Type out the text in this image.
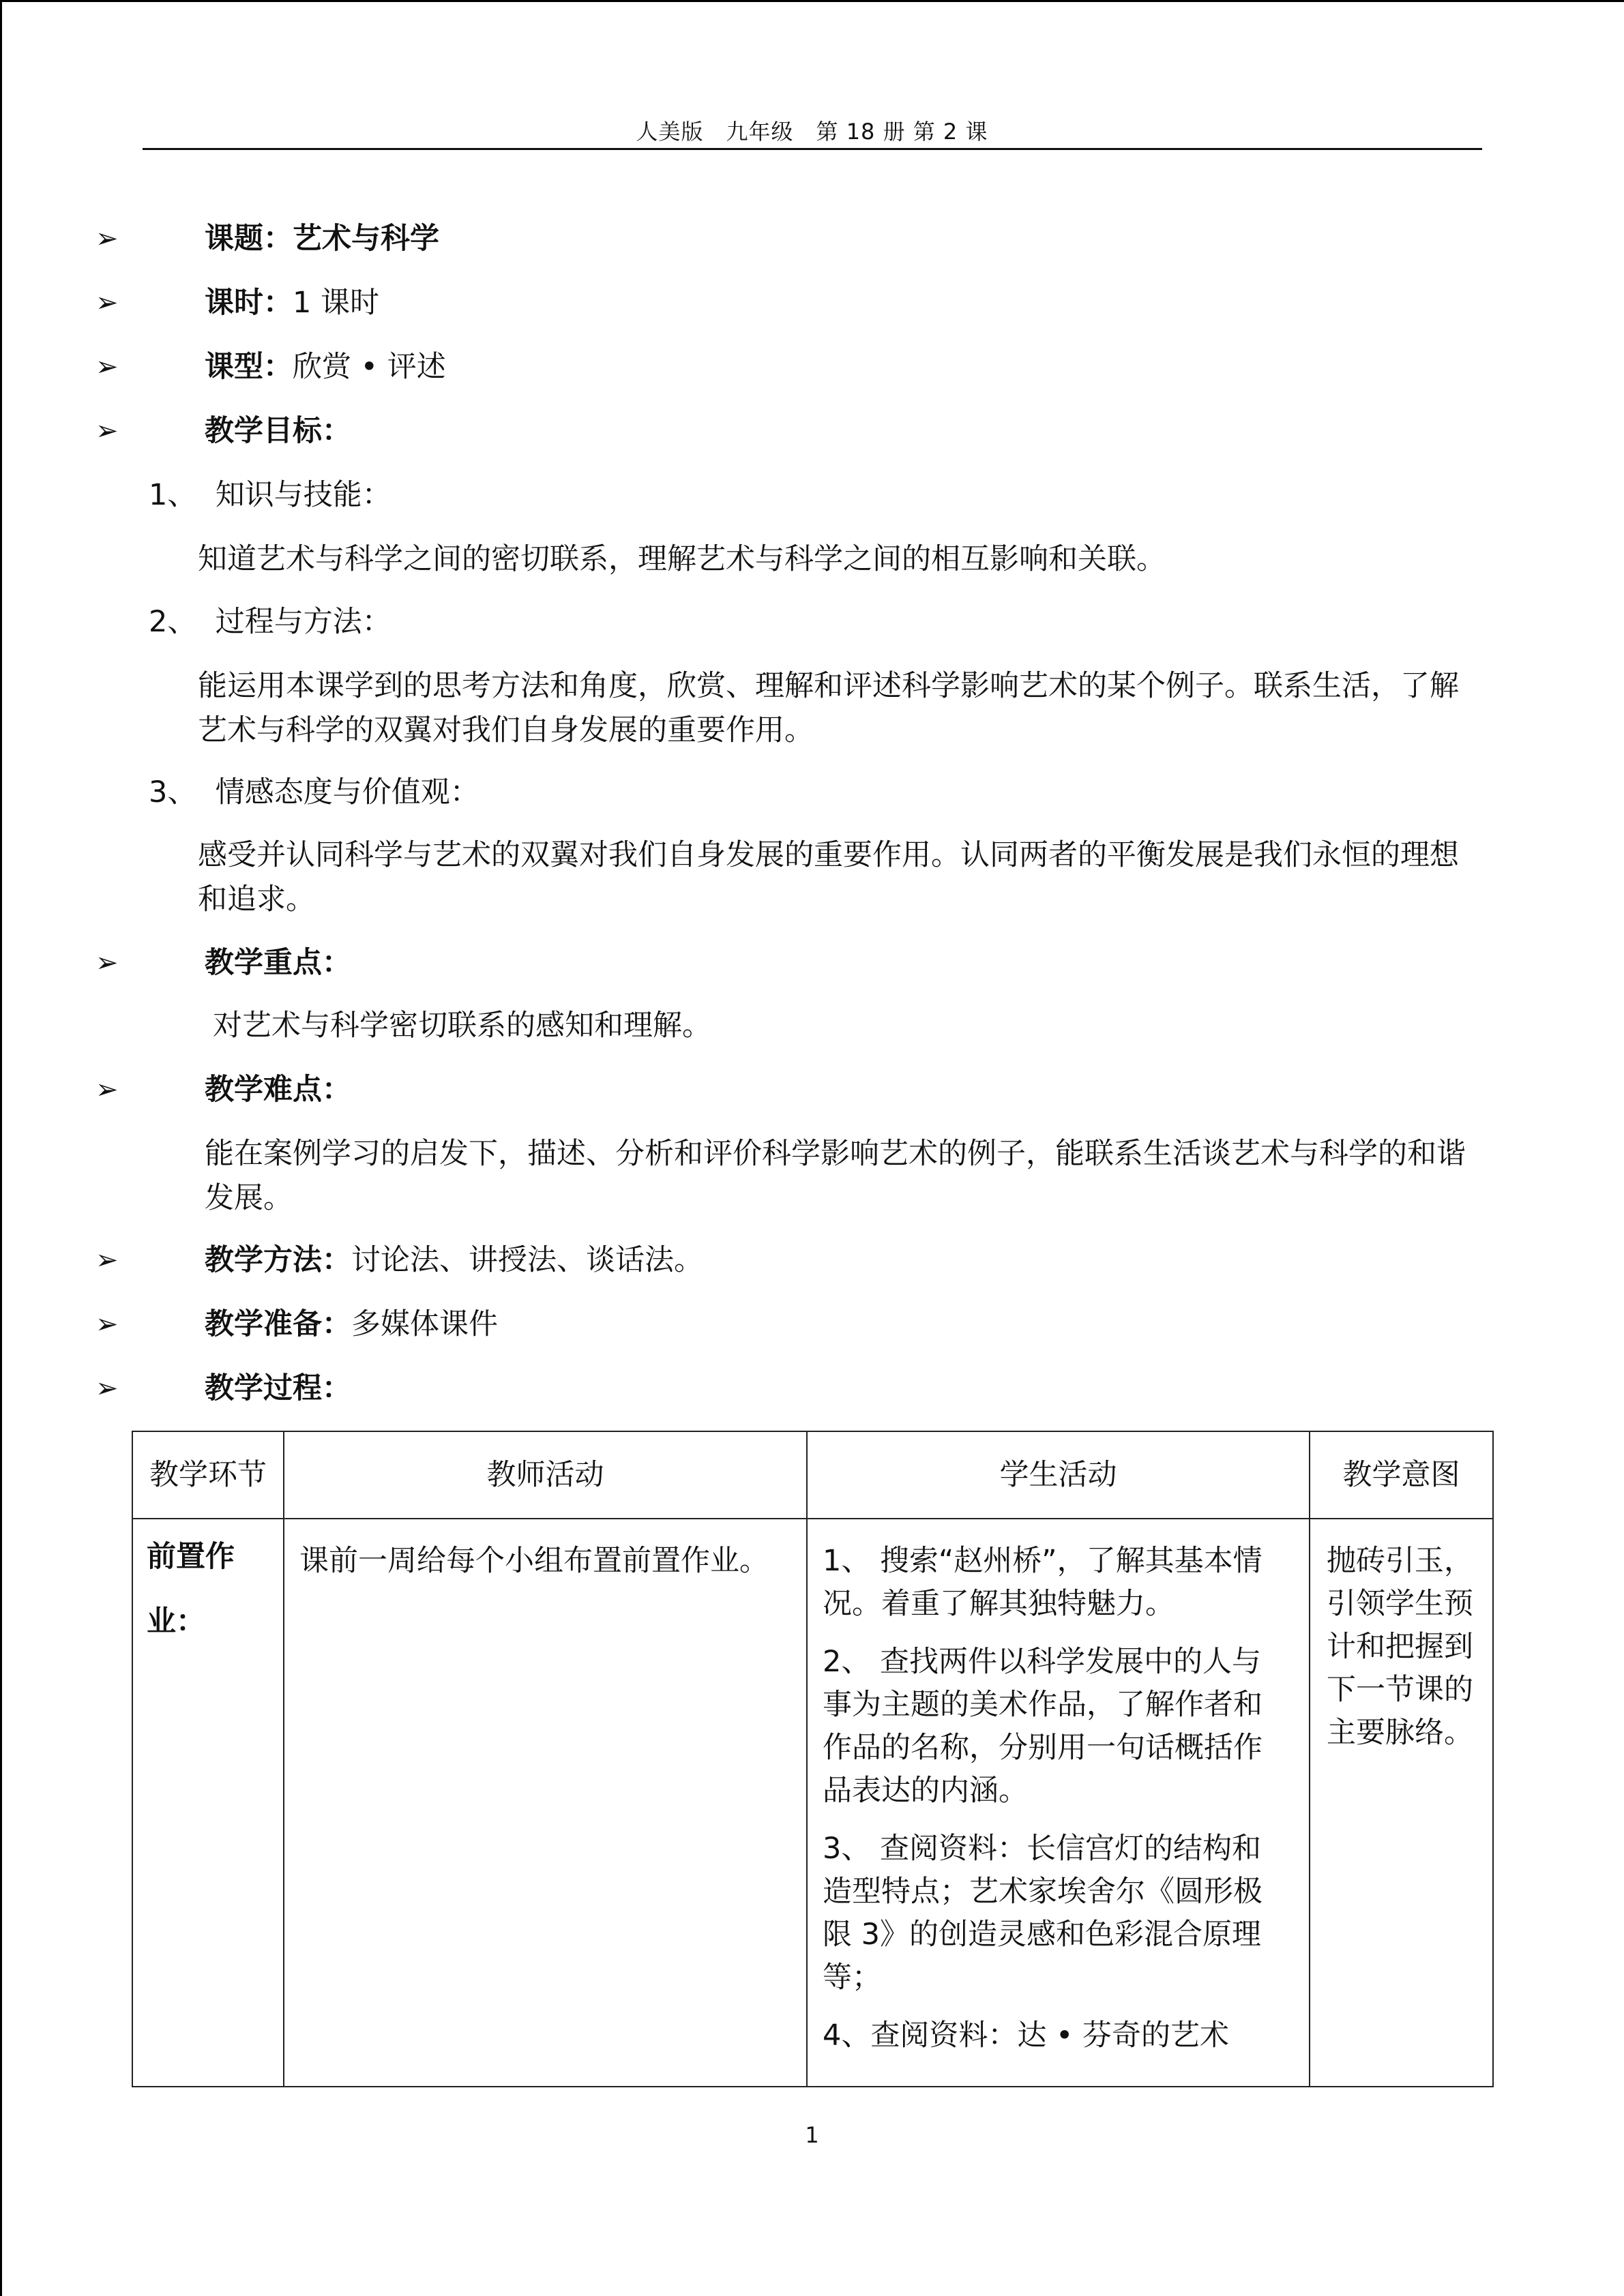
人美版　九年级　第 18 册 第 2 课
➢	课题：艺术与科学
➢	课时：1 课时
➢	课型：欣赏 • 评述
➢	教学目标：
1、 知识与技能：
知道艺术与科学之间的密切联系，理解艺术与科学之间的相互影响和关联。
2、 过程与方法：
能运用本课学到的思考方法和角度，欣赏、理解和评述科学影响艺术的某个例子。联系生活，了解艺术与科学的双翼对我们自身发展的重要作用。
3、 情感态度与价值观：
感受并认同科学与艺术的双翼对我们自身发展的重要作用。认同两者的平衡发展是我们永恒的理想和追求。
➢	教学重点：
对艺术与科学密切联系的感知和理解。
➢	教学难点：
能在案例学习的启发下，描述、分析和评价科学影响艺术的例子，能联系生活谈艺术与科学的和谐发展。
➢	教学方法：讨论法、讲授法、谈话法。
➢	教学准备：多媒体课件
➢	教学过程：
教学环节	教师活动	学生活动	教学意图

前置作业：	课前一周给每个小组布置前置作业。	1、 搜索“赵州桥”，了解其基本情况。着重了解其独特魅力。
2、 查找两件以科学发展中的人与事为主题的美术作品，了解作者和作品的名称，分别用一句话概括作品表达的内涵。
3、 查阅资料：长信宫灯的结构和造型特点；艺术家埃舍尔《圆形极限 3》的创造灵感和色彩混合原理等；
4、查阅资料：达 • 芬奇的艺术	抛砖引玉，引领学生预计和把握到下一节课的主要脉络。
1
